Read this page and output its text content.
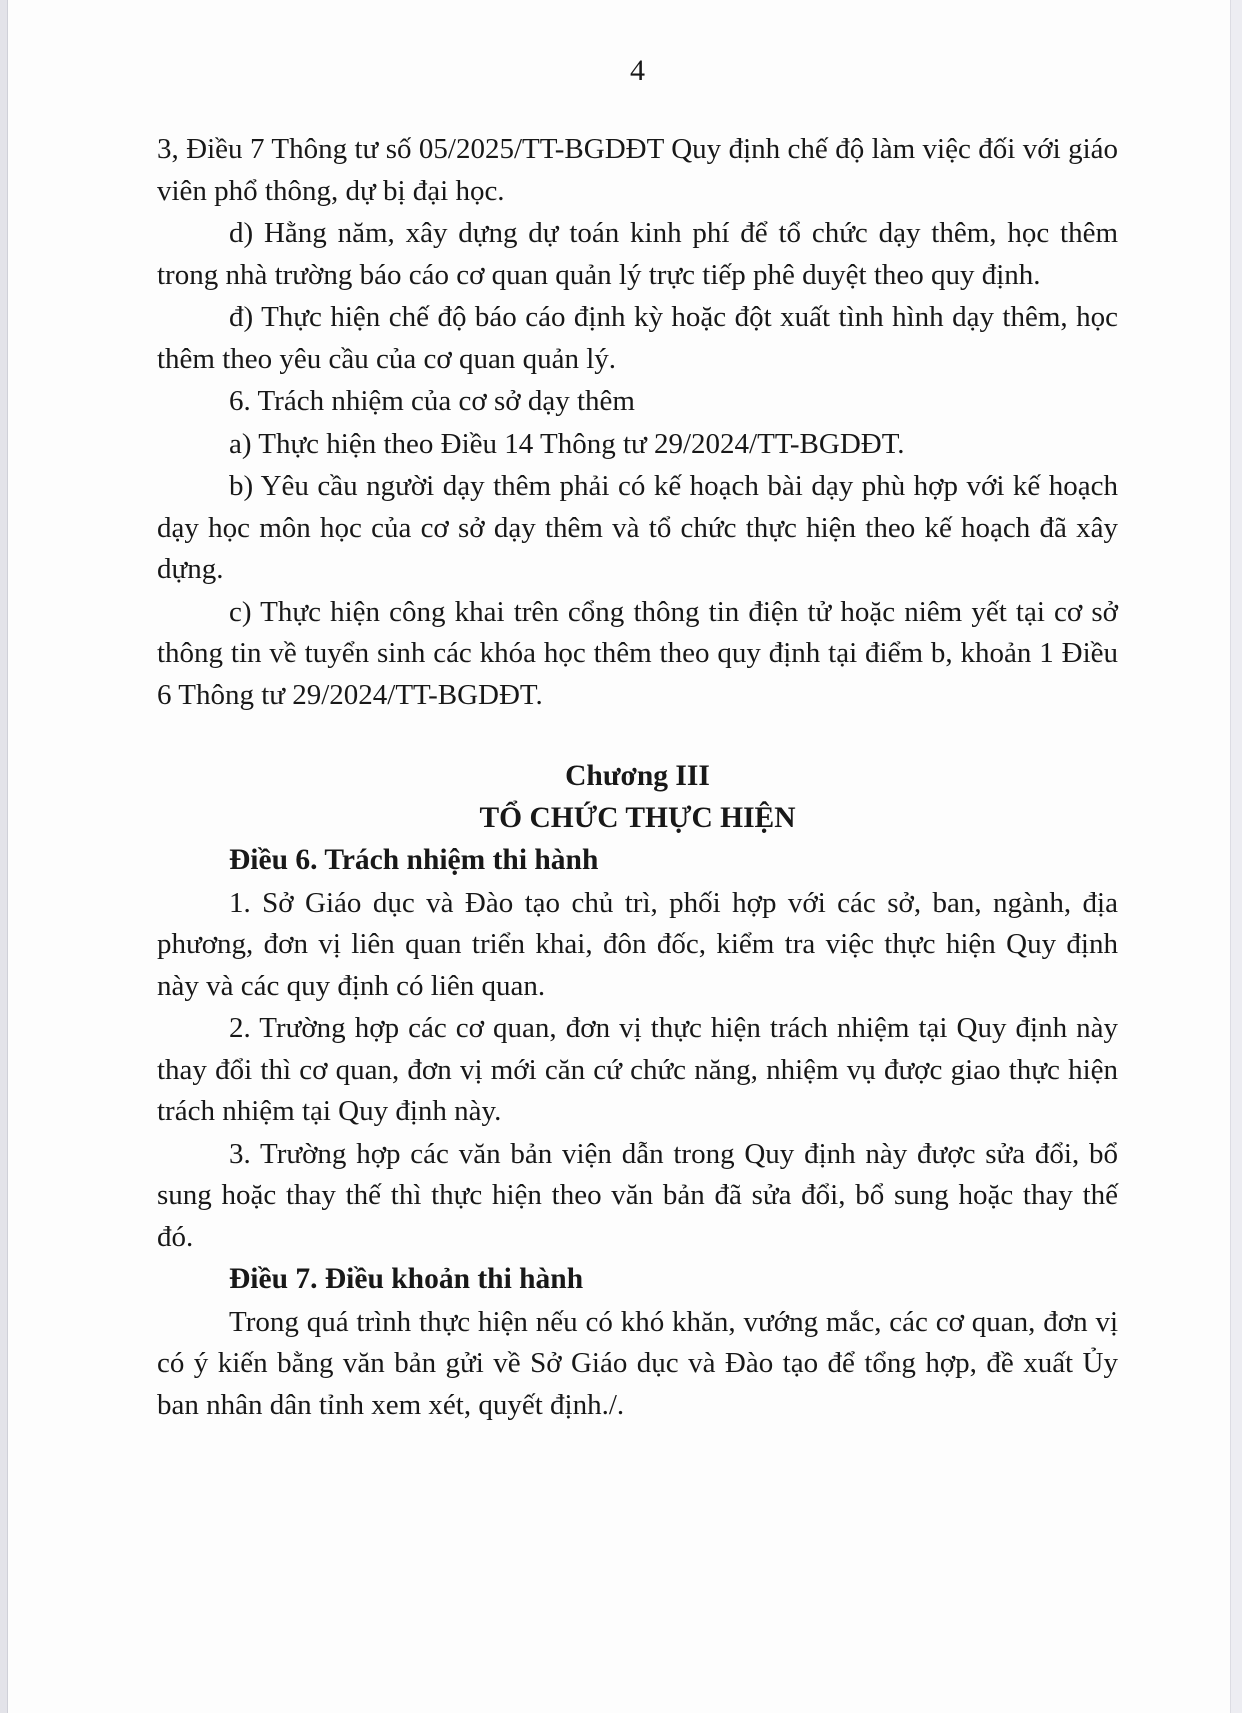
4

3, Điều 7 Thông tư số 05/2025/TT-BGDĐT Quy định chế độ làm việc đối với giáo viên phổ thông, dự bị đại học.

d) Hằng năm, xây dựng dự toán kinh phí để tổ chức dạy thêm, học thêm trong nhà trường báo cáo cơ quan quản lý trực tiếp phê duyệt theo quy định.

đ) Thực hiện chế độ báo cáo định kỳ hoặc đột xuất tình hình dạy thêm, học thêm theo yêu cầu của cơ quan quản lý.

6. Trách nhiệm của cơ sở dạy thêm

a) Thực hiện theo Điều 14 Thông tư 29/2024/TT-BGDĐT.

b) Yêu cầu người dạy thêm phải có kế hoạch bài dạy phù hợp với kế hoạch dạy học môn học của cơ sở dạy thêm và tổ chức thực hiện theo kế hoạch đã xây dựng.

c) Thực hiện công khai trên cổng thông tin điện tử hoặc niêm yết tại cơ sở thông tin về tuyển sinh các khóa học thêm theo quy định tại điểm b, khoản 1 Điều 6 Thông tư 29/2024/TT-BGDĐT.

Chương III

TỔ CHỨC THỰC HIỆN

Điều 6. Trách nhiệm thi hành

1. Sở Giáo dục và Đào tạo chủ trì, phối hợp với các sở, ban, ngành, địa phương, đơn vị liên quan triển khai, đôn đốc, kiểm tra việc thực hiện Quy định này và các quy định có liên quan.

2. Trường hợp các cơ quan, đơn vị thực hiện trách nhiệm tại Quy định này thay đổi thì cơ quan, đơn vị mới căn cứ chức năng, nhiệm vụ được giao thực hiện trách nhiệm tại Quy định này.

3. Trường hợp các văn bản viện dẫn trong Quy định này được sửa đổi, bổ sung hoặc thay thế thì thực hiện theo văn bản đã sửa đổi, bổ sung hoặc thay thế đó.

Điều 7. Điều khoản thi hành

Trong quá trình thực hiện nếu có khó khăn, vướng mắc, các cơ quan, đơn vị có ý kiến bằng văn bản gửi về Sở Giáo dục và Đào tạo để tổng hợp, đề xuất Ủy ban nhân dân tỉnh xem xét, quyết định./.
